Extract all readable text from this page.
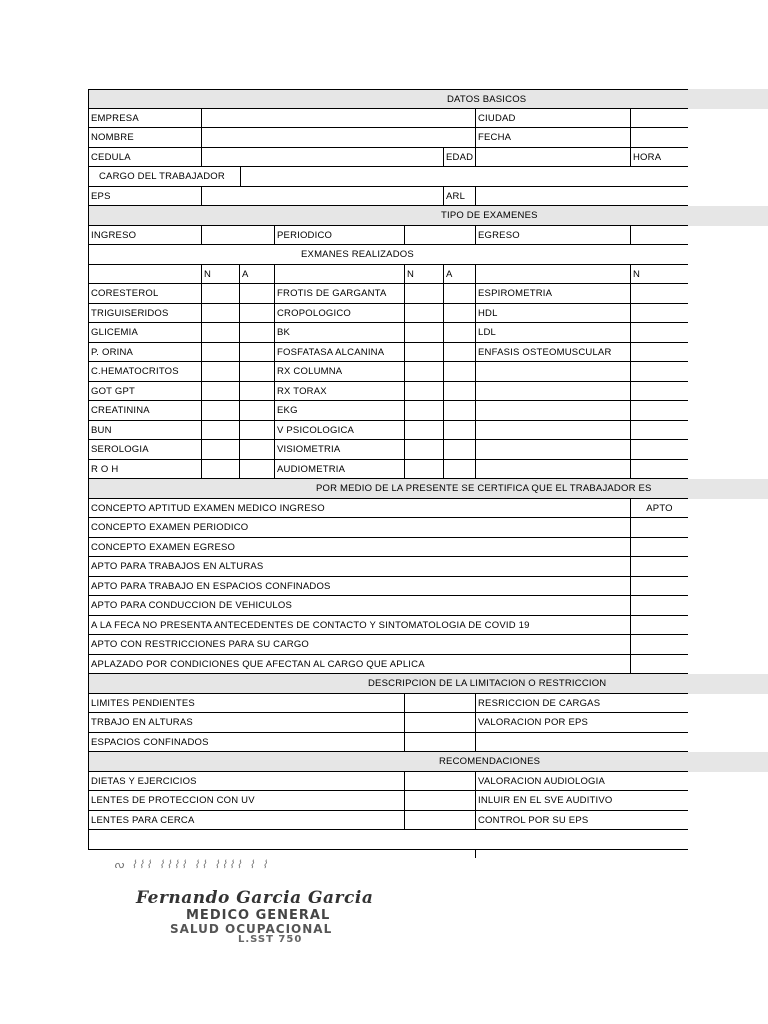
DATOS BASICOS
EMPRESA	CIUDAD
NOMBRE	FECHA
CEDULA	EDAD	HORA
CARGO DEL TRABAJADOR
EPS	ARL
TIPO DE EXAMENES
INGRESO	PERIODICO	EGRESO
EXMANES REALIZADOS
N	A	N	A	N
CORESTEROL	FROTIS DE GARGANTA	ESPIROMETRIA
TRIGUISERIDOS	CROPOLOGICO	HDL
GLICEMIA	BK	LDL
P. ORINA	FOSFATASA ALCANINA	ENFASIS OSTEOMUSCULAR
C.HEMATOCRITOS	RX COLUMNA
GOT GPT	RX TORAX
CREATININA	EKG
BUN	V PSICOLOGICA
SEROLOGIA	VISIOMETRIA
R O H	AUDIOMETRIA
POR MEDIO DE LA PRESENTE SE CERTIFICA QUE EL TRABAJADOR ES
CONCEPTO APTITUD EXAMEN MEDICO INGRESO	APTO
CONCEPTO EXAMEN PERIODICO
CONCEPTO EXAMEN EGRESO
APTO PARA TRABAJOS EN ALTURAS
APTO PARA TRABAJO EN ESPACIOS CONFINADOS
APTO PARA CONDUCCION DE VEHICULOS
A LA FECA NO PRESENTA ANTECEDENTES DE CONTACTO Y SINTOMATOLOGIA DE COVID 19
APTO CON RESTRICCIONES PARA SU CARGO
APLAZADO POR CONDICIONES QUE AFECTAN AL CARGO QUE APLICA
DESCRIPCION DE LA LIMITACION O RESTRICCION
LIMITES PENDIENTES	RESRICCION DE CARGAS
TRBAJO EN ALTURAS	VALORACION POR EPS
ESPACIOS CONFINADOS
RECOMENDACIONES
DIETAS Y EJERCICIOS	VALORACION AUDIOLOGIA
LENTES DE PROTECCION CON UV	INLUIR EN EL SVE AUDITIVO
LENTES PARA CERCA	CONTROL POR SU EPS
ᔓ ⌇⌇⌇ ⌇⌇⌇⌇ ⌇⌇ ⌇⌇⌇⌇ ⌇ ⌇
Fernando Garcia Garcia
MEDICO GENERAL
SALUD OCUPACIONAL
L.SST 750
